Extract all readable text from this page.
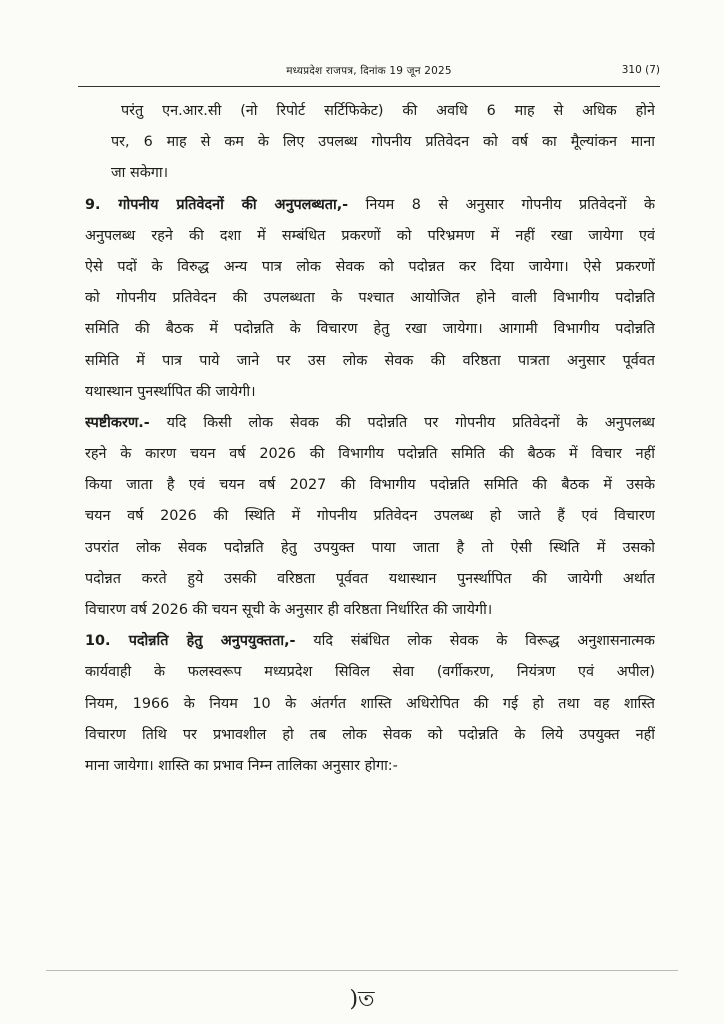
मध्यप्रदेश राजपत्र, दिनांक 19 जून 2025	310 (7)
परंतु एन.आर.सी (नो रिपोर्ट सर्टिफिकेट) की अवधि 6 माह से अधिक होने
पर, 6 माह से कम के लिए उपलब्ध गोपनीय प्रतिवेदन को वर्ष का मूैल्यांकन माना
जा सकेगा।
9. गोपनीय प्रतिवेदनों की अनुपलब्धता,- नियम 8 से अनुसार गोपनीय प्रतिवेदनों के
अनुपलब्ध रहने की दशा में सम्बंधित प्रकरणों को परिभ्रमण में नहीं रखा जायेगा एवं
ऐसे पदों के विरुद्ध अन्य पात्र लोक सेवक को पदोन्नत कर दिया जायेगा। ऐसे प्रकरणों
को गोपनीय प्रतिवेदन की उपलब्धता के पश्चात आयोजित होने वाली विभागीय पदोन्नति
समिति की बैठक में पदोन्नति के विचारण हेतु रखा जायेगा। आगामी विभागीय पदोन्नति
समिति में पात्र पाये जाने पर उस लोक सेवक की वरिष्ठता पात्रता अनुसार पूर्ववत
यथास्थान पुनर्स्थापित की जायेगी।
स्पष्टीकरण.- यदि किसी लोक सेवक की पदोन्नति पर गोपनीय प्रतिवेदनों के अनुपलब्ध
रहने के कारण चयन वर्ष 2026 की विभागीय पदोन्नति समिति की बैठक में विचार नहीं
किया जाता है एवं चयन वर्ष 2027 की विभागीय पदोन्नति समिति की बैठक में उसके
चयन वर्ष 2026 की स्थिति में गोपनीय प्रतिवेदन उपलब्ध हो जाते हैं एवं विचारण
उपरांत लोक सेवक पदोन्नति हेतु उपयुक्त पाया जाता है तो ऐसी स्थिति में उसको
पदोन्नत करते हुये उसकी वरिष्ठता पूर्ववत यथास्थान पुनर्स्थापित की जायेगी अर्थात
विचारण वर्ष 2026 की चयन सूची के अनुसार ही वरिष्ठता निर्धारित की जायेगी।
10. पदोन्नति हेतु अनुपयुक्तता,- यदि संबंधित लोक सेवक के विरूद्ध अनुशासनात्मक
कार्यवाही के फलस्वरूप मध्यप्रदेश सिविल सेवा (वर्गीकरण, नियंत्रण एवं अपील)
नियम, 1966 के नियम 10 के अंतर्गत शास्ति अधिरोपित की गई हो तथा वह शास्ति
विचारण तिथि पर प्रभावशील हो तब लोक सेवक को पदोन्नति के लिये उपयुक्त नहीं
माना जायेगा। शास्ति का प्रभाव निम्न तालिका अनुसार होगा:-
)ত
